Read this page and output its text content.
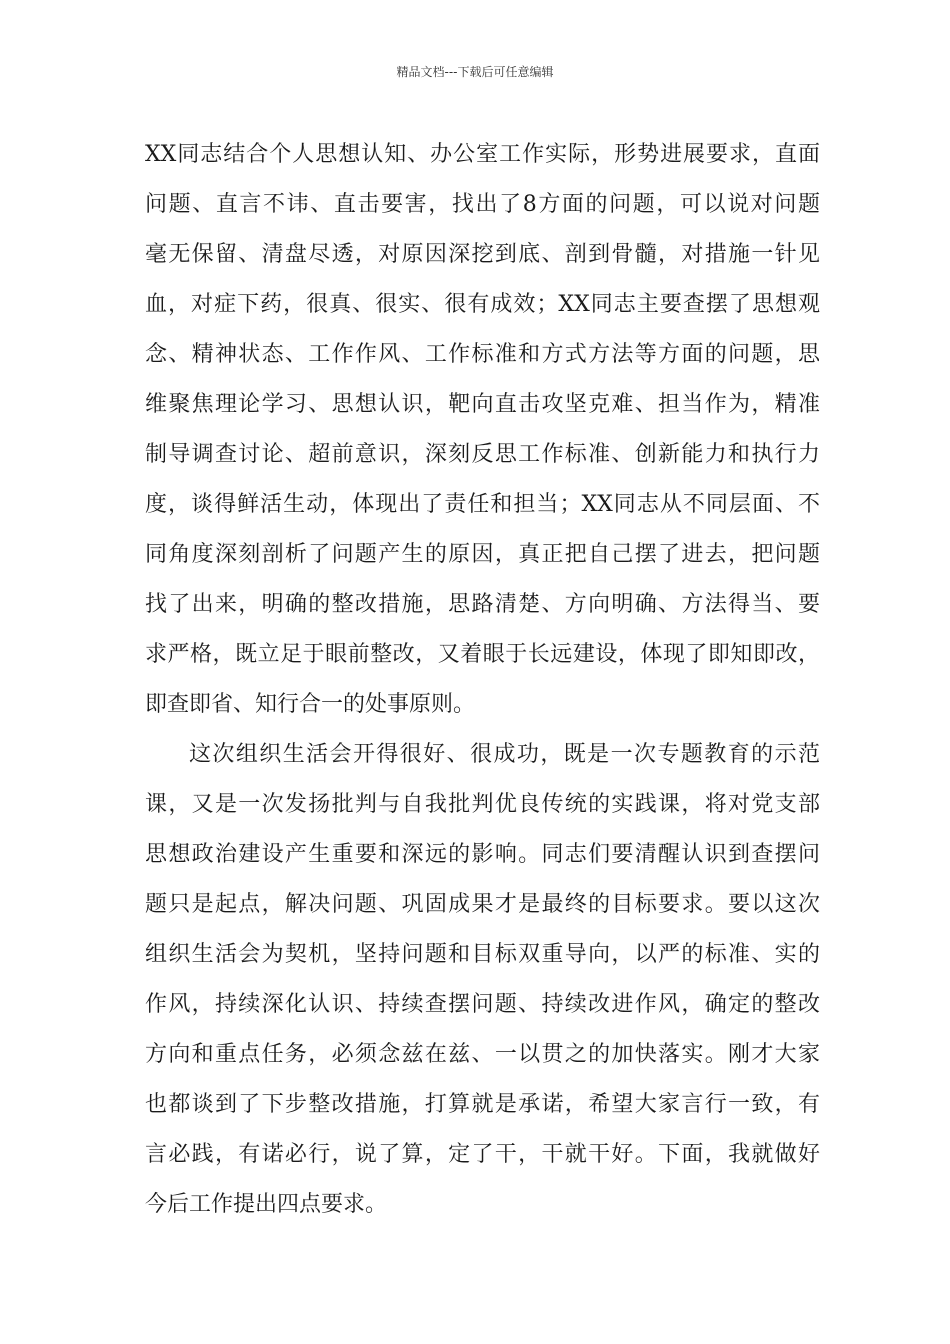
精品文档---下载后可任意编辑
XX同志结合个人思想认知、办公室工作实际，形势进展要求，直面
问题、直言不讳、直击要害，找出了8方面的问题，可以说对问题
毫无保留、清盘尽透，对原因深挖到底、剖到骨髓，对措施一针见
血，对症下药，很真、很实、很有成效；XX同志主要查摆了思想观
念、精神状态、工作作风、工作标准和方式方法等方面的问题，思
维聚焦理论学习、思想认识，靶向直击攻坚克难、担当作为，精准
制导调查讨论、超前意识，深刻反思工作标准、创新能力和执行力
度，谈得鲜活生动，体现出了责任和担当；XX同志从不同层面、不
同角度深刻剖析了问题产生的原因，真正把自己摆了进去，把问题
找了出来，明确的整改措施，思路清楚、方向明确、方法得当、要
求严格，既立足于眼前整改，又着眼于长远建设，体现了即知即改，
即查即省、知行合一的处事原则。
这次组织生活会开得很好、很成功，既是一次专题教育的示范
课，又是一次发扬批判与自我批判优良传统的实践课，将对党支部
思想政治建设产生重要和深远的影响。同志们要清醒认识到查摆问
题只是起点，解决问题、巩固成果才是最终的目标要求。要以这次
组织生活会为契机，坚持问题和目标双重导向，以严的标准、实的
作风，持续深化认识、持续查摆问题、持续改进作风，确定的整改
方向和重点任务，必须念兹在兹、一以贯之的加快落实。刚才大家
也都谈到了下步整改措施，打算就是承诺，希望大家言行一致，有
言必践，有诺必行，说了算，定了干，干就干好。下面，我就做好
今后工作提出四点要求。
